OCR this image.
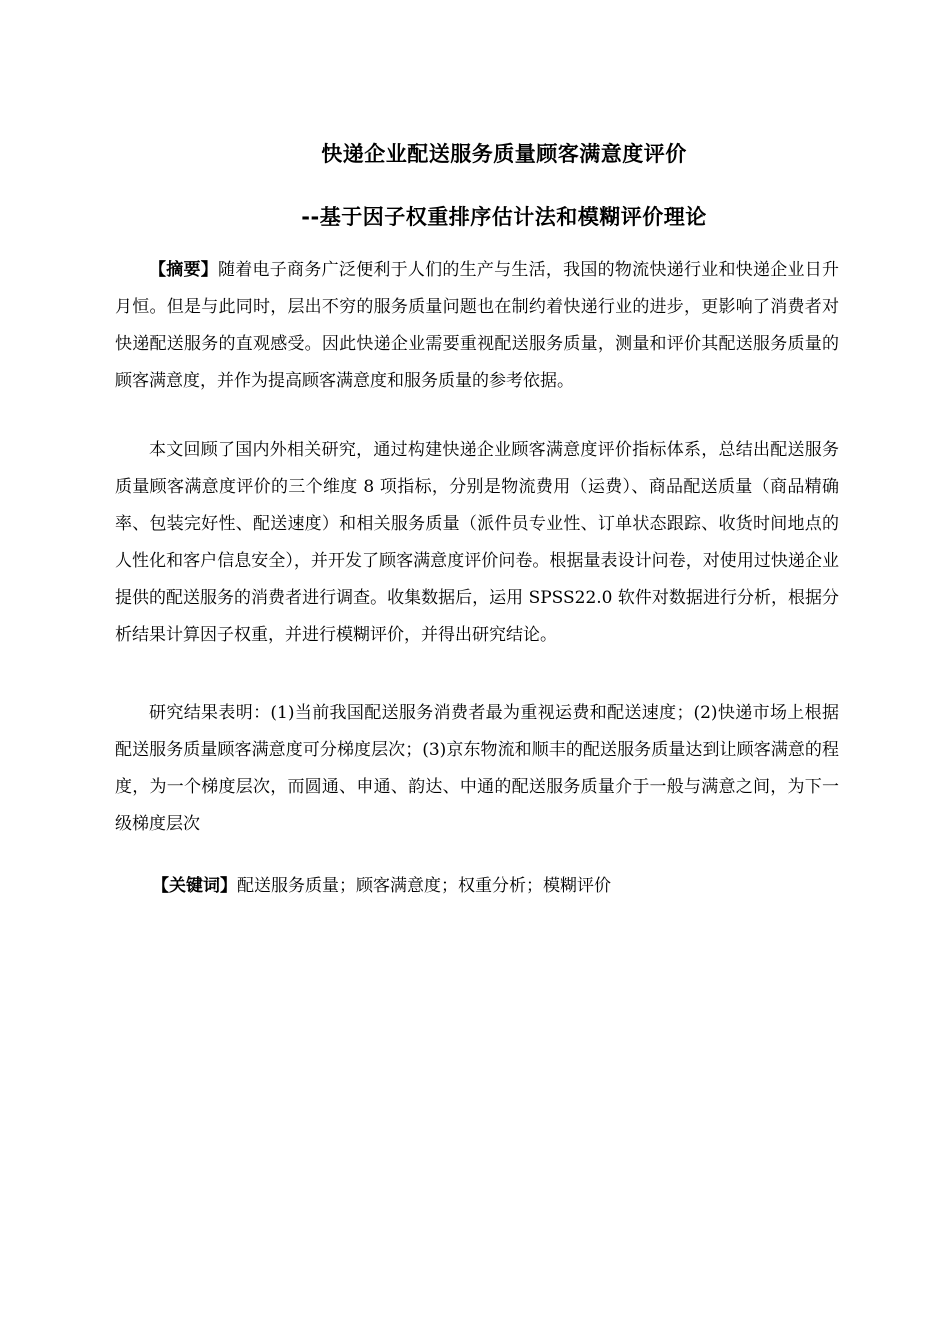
快递企业配送服务质量顾客满意度评价
--基于因子权重排序估计法和模糊评价理论

【摘要】随着电子商务广泛便利于人们的生产与生活，我国的物流快递行业和快递企业日升月恒。但是与此同时，层出不穷的服务质量问题也在制约着快递行业的进步，更影响了消费者对快递配送服务的直观感受。因此快递企业需要重视配送服务质量，测量和评价其配送服务质量的顾客满意度，并作为提高顾客满意度和服务质量的参考依据。

本文回顾了国内外相关研究，通过构建快递企业顾客满意度评价指标体系，总结出配送服务质量顾客满意度评价的三个维度 8 项指标，分别是物流费用（运费）、商品配送质量（商品精确率、包装完好性、配送速度）和相关服务质量（派件员专业性、订单状态跟踪、收货时间地点的人性化和客户信息安全），并开发了顾客满意度评价问卷。根据量表设计问卷，对使用过快递企业提供的配送服务的消费者进行调查。收集数据后，运用 SPSS22.0 软件对数据进行分析，根据分析结果计算因子权重，并进行模糊评价，并得出研究结论。

研究结果表明：(1)当前我国配送服务消费者最为重视运费和配送速度；(2)快递市场上根据配送服务质量顾客满意度可分梯度层次；(3)京东物流和顺丰的配送服务质量达到让顾客满意的程度，为一个梯度层次，而圆通、申通、韵达、中通的配送服务质量介于一般与满意之间，为下一级梯度层次

【关键词】配送服务质量；顾客满意度；权重分析；模糊评价
